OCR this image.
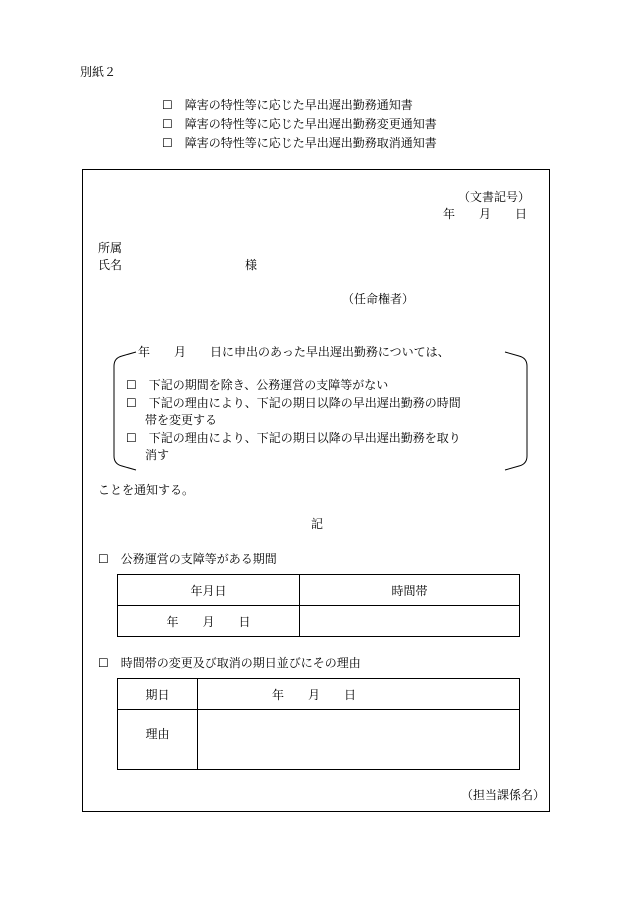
別紙２
☐　障害の特性等に応じた早出遅出勤務通知書
☐　障害の特性等に応じた早出遅出勤務変更通知書
☐　障害の特性等に応じた早出遅出勤務取消通知書
（文書記号）
年　　月　　日
所属
氏名	様
（任命権者）
年　　月　　日に申出のあった早出遅出勤務については、
☐　下記の期間を除き、公務運営の支障等がない
☐　下記の理由により、下記の期日以降の早出遅出勤務の時間
帯を変更する
☐　下記の理由により、下記の期日以降の早出遅出勤務を取り
消す
ことを通知する。
記
☐　公務運営の支障等がある期間
年月日	時間帯
年　　月　　日	
☐　時間帯の変更及び取消の期日並びにその理由
期日	年　　月　　日
理由	
（担当課係名）
